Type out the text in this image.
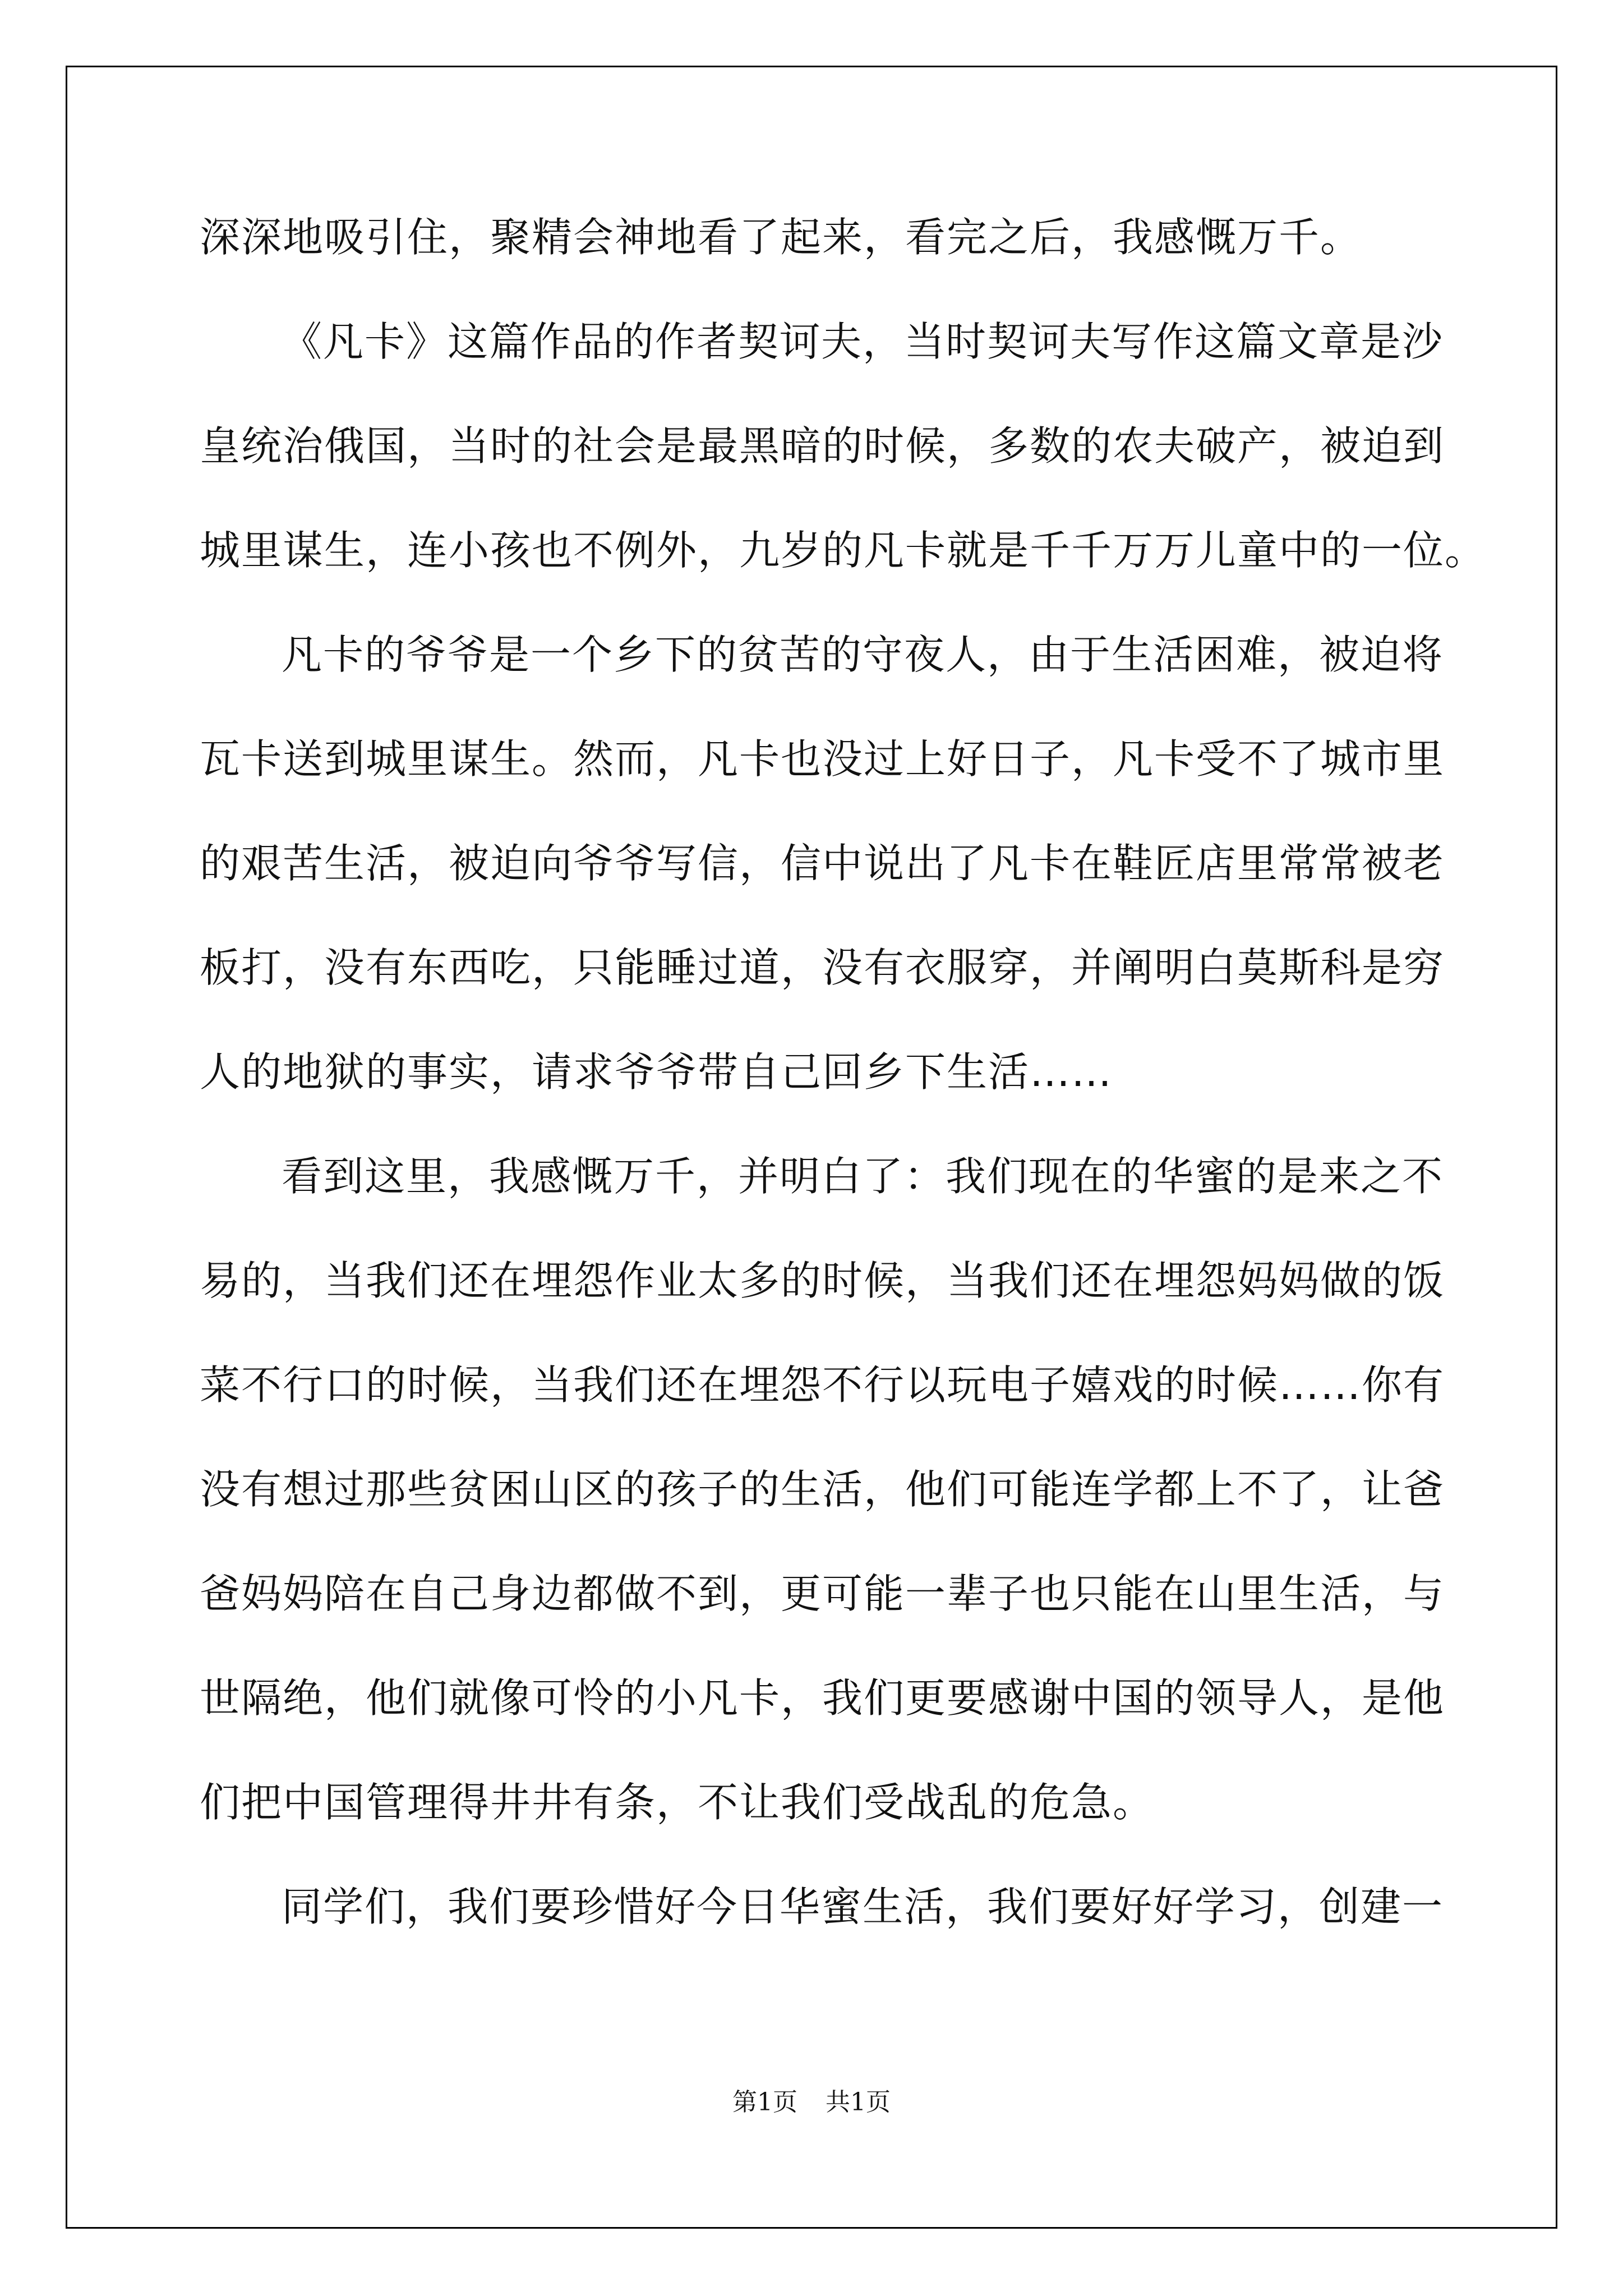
深深地吸引住，聚精会神地看了起来，看完之后，我感慨万千。
《凡卡》这篇作品的作者契诃夫，当时契诃夫写作这篇文章是沙
皇统治俄国，当时的社会是最黑暗的时候，多数的农夫破产，被迫到
城里谋生，连小孩也不例外，九岁的凡卡就是千千万万儿童中的一位。
凡卡的爷爷是一个乡下的贫苦的守夜人，由于生活困难，被迫将
瓦卡送到城里谋生。然而，凡卡也没过上好日子，凡卡受不了城市里
的艰苦生活，被迫向爷爷写信，信中说出了凡卡在鞋匠店里常常被老
板打，没有东西吃，只能睡过道，没有衣服穿，并阐明白莫斯科是穷
人的地狱的事实，请求爷爷带自己回乡下生活……
看到这里，我感慨万千，并明白了：我们现在的华蜜的是来之不
易的，当我们还在埋怨作业太多的时候，当我们还在埋怨妈妈做的饭
菜不行口的时候，当我们还在埋怨不行以玩电子嬉戏的时候……你有
没有想过那些贫困山区的孩子的生活，他们可能连学都上不了，让爸
爸妈妈陪在自己身边都做不到，更可能一辈子也只能在山里生活，与
世隔绝，他们就像可怜的小凡卡，我们更要感谢中国的领导人，是他
们把中国管理得井井有条，不让我们受战乱的危急。
同学们，我们要珍惜好今日华蜜生活，我们要好好学习，创建一
第1页 共1页
